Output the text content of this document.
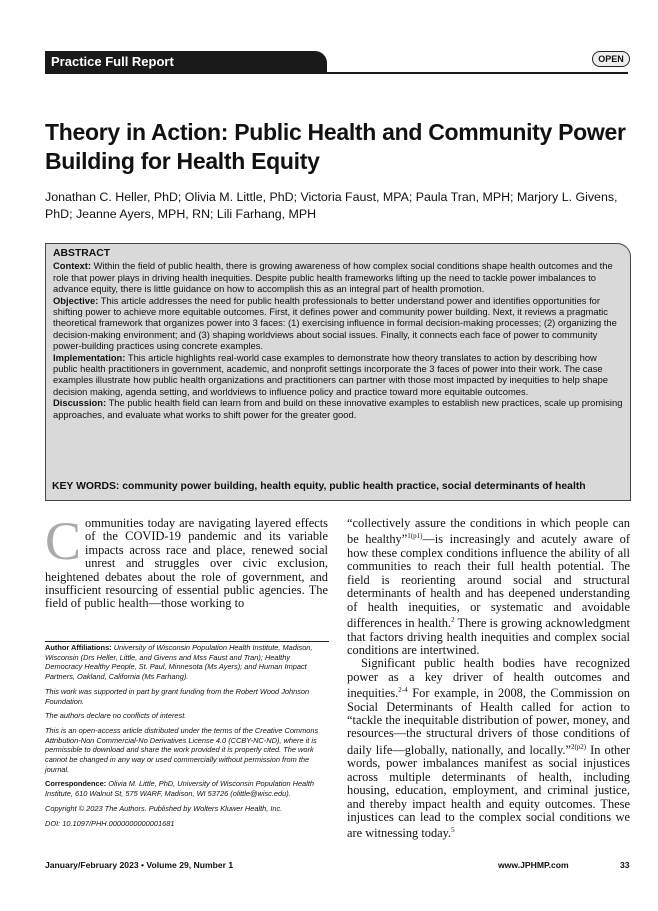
Practice Full Report	OPEN
Theory in Action: Public Health and Community Power Building for Health Equity

Jonathan C. Heller, PhD; Olivia M. Little, PhD; Victoria Faust, MPA; Paula Tran, MPH; Marjory L. Givens, PhD; Jeanne Ayers, MPH, RN; Lili Farhang, MPH

ABSTRACT

Context: Within the field of public health, there is growing awareness of how complex social conditions shape health outcomes and the role that power plays in driving health inequities. Despite public health frameworks lifting up the need to tackle power imbalances to advance equity, there is little guidance on how to accomplish this as an integral part of health promotion.

Objective: This article addresses the need for public health professionals to better understand power and identifies opportunities for shifting power to achieve more equitable outcomes. First, it defines power and community power building. Next, it reviews a pragmatic theoretical framework that organizes power into 3 faces: (1) exercising influence in formal decision-making processes; (2) organizing the decision-making environment; and (3) shaping worldviews about social issues. Finally, it connects each face of power to community power-building practices using concrete examples.

Implementation: This article highlights real-world case examples to demonstrate how theory translates to action by describing how public health practitioners in government, academic, and nonprofit settings incorporate the 3 faces of power into their work. The case examples illustrate how public health organizations and practitioners can partner with those most impacted by inequities to help shape decision making, agenda setting, and worldviews to influence policy and practice toward more equitable outcomes.

Discussion: The public health field can learn from and build on these innovative examples to establish new practices, scale up promising approaches, and evaluate what works to shift power for the greater good.

KEY WORDS: community power building, health equity, public health practice, social determinants of health

Communities today are navigating layered effects of the COVID-19 pandemic and its variable impacts across race and place, renewed social unrest and struggles over civic exclusion, heightened debates about the role of government, and insufficient resourcing of essential public agencies. The field of public health—those working to

Author Affiliations: University of Wisconsin Population Health Institute, Madison, Wisconsin (Drs Heller, Little, and Givens and Mss Faust and Tran); Healthy Democracy Healthy People, St. Paul, Minnesota (Ms Ayers); and Human Impact Partners, Oakland, California (Ms Farhang).

This work was supported in part by grant funding from the Robert Wood Johnson Foundation.

The authors declare no conflicts of interest.

This is an open-access article distributed under the terms of the Creative Commons Attribution-Non Commercial-No Derivatives License 4.0 (CCBY-NC-ND), where it is permissible to download and share the work provided it is properly cited. The work cannot be changed in any way or used commercially without permission from the journal.

Correspondence: Olivia M. Little, PhD, University of Wisconsin Population Health Institute, 610 Walnut St, 575 WARF, Madison, WI 53726 (olittle@wisc.edu).

Copyright © 2023 The Authors. Published by Wolters Kluwer Health, Inc.

DOI: 10.1097/PHH.0000000000001681

“collectively assure the conditions in which people can be healthy”$^{1(p1)}$—is increasingly and acutely aware of how these complex conditions influence the ability of all communities to reach their full health potential. The field is reorienting around social and structural determinants of health and has deepened understanding of health inequities, or systematic and avoidable differences in health.$^2$ There is growing acknowledgment that factors driving health inequities and complex social conditions are intertwined.

Significant public health bodies have recognized power as a key driver of health outcomes and inequities.$^{2-4}$ For example, in 2008, the Commission on Social Determinants of Health called for action to “tackle the inequitable distribution of power, money, and resources—the structural drivers of those conditions of daily life—globally, nationally, and locally.”$^{2(p2)}$ In other words, power imbalances manifest as social injustices across multiple determinants of health, including housing, education, employment, and criminal justice, and thereby impact health and equity outcomes. These injustices can lead to the complex social conditions we are witnessing today.$^5$

January/February 2023 • Volume 29, Number 1	www.JPHMP.com	33
